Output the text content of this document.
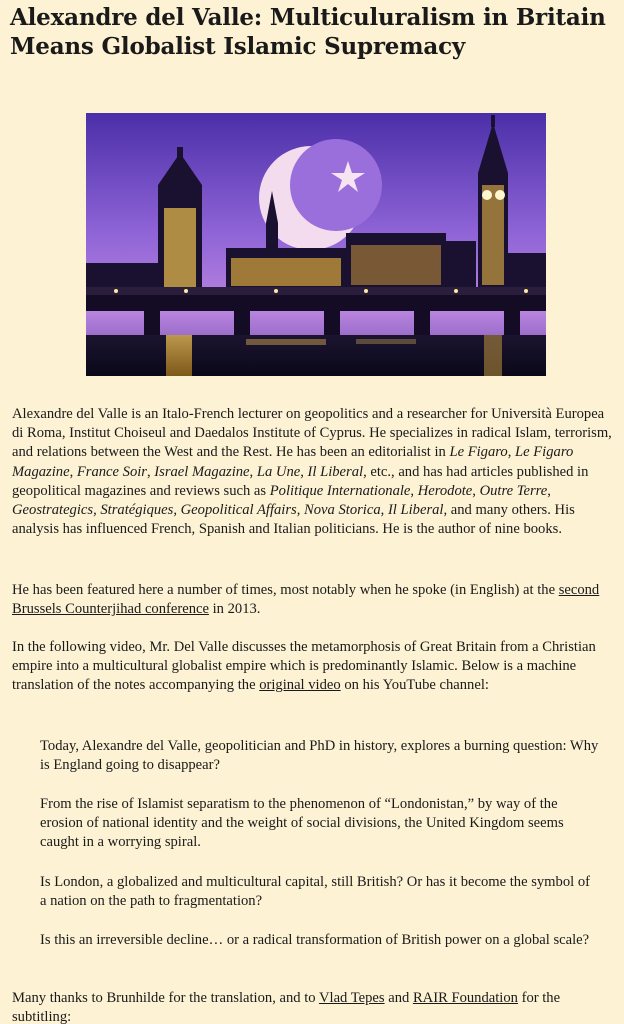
Alexandre del Valle: Multiculuralism in Britain Means Globalist Islamic Supremacy

Alexandre del Valle is an Italo-French lecturer on geopolitics and a researcher for Università Europea di Roma, Institut Choiseul and Daedalos Institute of Cyprus. He specializes in radical Islam, terrorism, and relations between the West and the Rest. He has been an editorialist in Le Figaro, Le Figaro Magazine, France Soir, Israel Magazine, La Une, Il Liberal, etc., and has had articles published in geopolitical magazines and reviews such as Politique Internationale, Herodote, Outre Terre, Geostrategics, Stratégiques, Geopolitical Affairs, Nova Storica, Il Liberal, and many others. His analysis has influenced French, Spanish and Italian politicians. He is the author of nine books.

He has been featured here a number of times, most notably when he spoke (in English) at the second Brussels Counterjihad conference in 2013.

In the following video, Mr. Del Valle discusses the metamorphosis of Great Britain from a Christian empire into a multicultural globalist empire which is predominantly Islamic. Below is a machine translation of the notes accompanying the original video on his YouTube channel:

Today, Alexandre del Valle, geopolitician and PhD in history, explores a burning question: Why is England going to disappear?

From the rise of Islamist separatism to the phenomenon of “Londonistan,” by way of the erosion of national identity and the weight of social divisions, the United Kingdom seems caught in a worrying spiral.

Is London, a globalized and multicultural capital, still British? Or has it become the symbol of a nation on the path to fragmentation?

Is this an irreversible decline… or a radical transformation of British power on a global scale?

Many thanks to Brunhilde for the translation, and to Vlad Tepes and RAIR Foundation for the subtitling:
